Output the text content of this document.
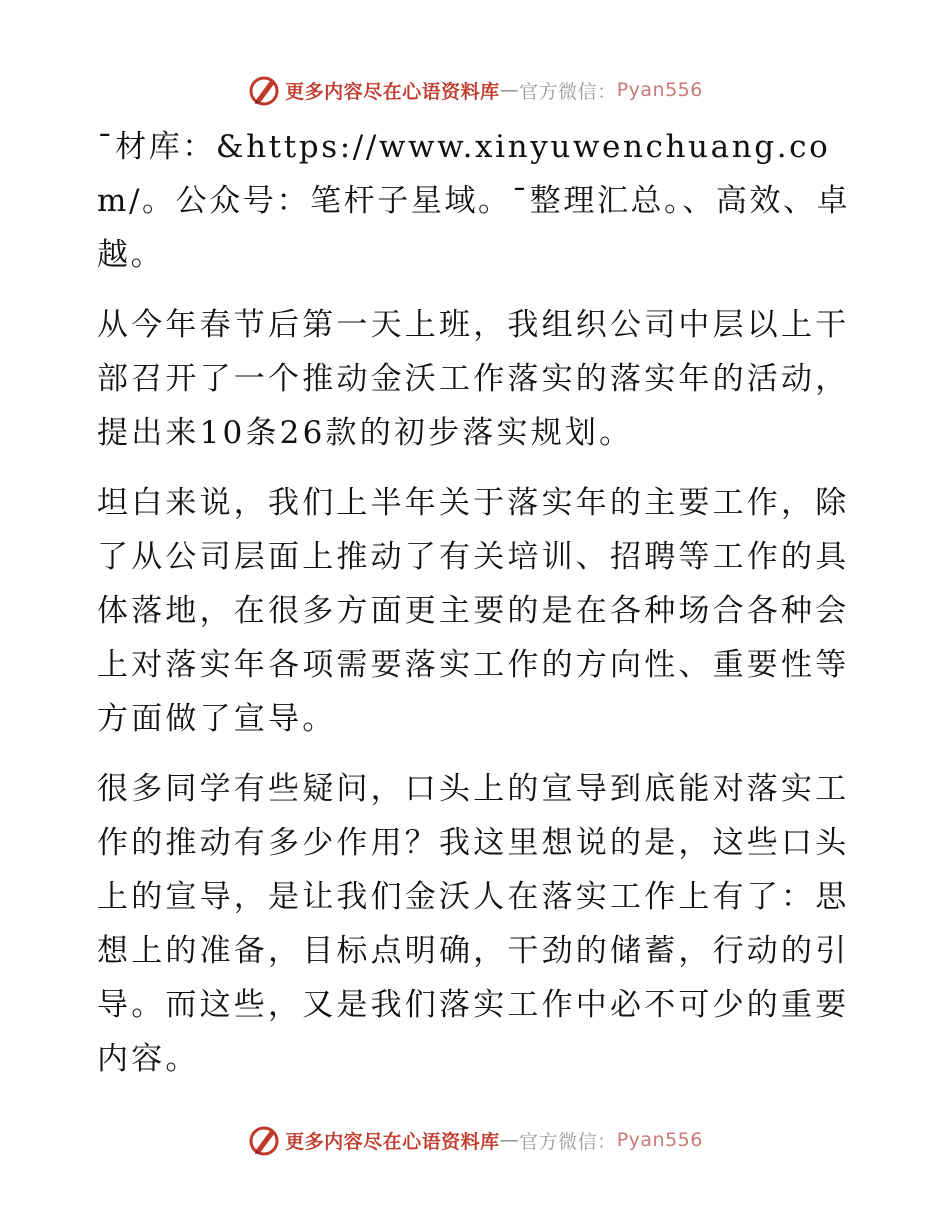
更多内容尽在心语资料库 — 官方微信： Pyan556

¯材库：&https://www.xinyuwenchuang.com/。公众号：笔杆子星域。¯整理汇总。、高效、卓越。

从今年春节后第一天上班，我组织公司中层以上干部召开了一个推动金沃工作落实的落实年的活动，提出来10条26款的初步落实规划。

坦白来说，我们上半年关于落实年的主要工作，除了从公司层面上推动了有关培训、招聘等工作的具体落地，在很多方面更主要的是在各种场合各种会上对落实年各项需要落实工作的方向性、重要性等方面做了宣导。

很多同学有些疑问，口头上的宣导到底能对落实工作的推动有多少作用？我这里想说的是，这些口头上的宣导，是让我们金沃人在落实工作上有了：思想上的准备，目标点明确，干劲的储蓄，行动的引导。而这些，又是我们落实工作中必不可少的重要内容。

更多内容尽在心语资料库 — 官方微信： Pyan556
